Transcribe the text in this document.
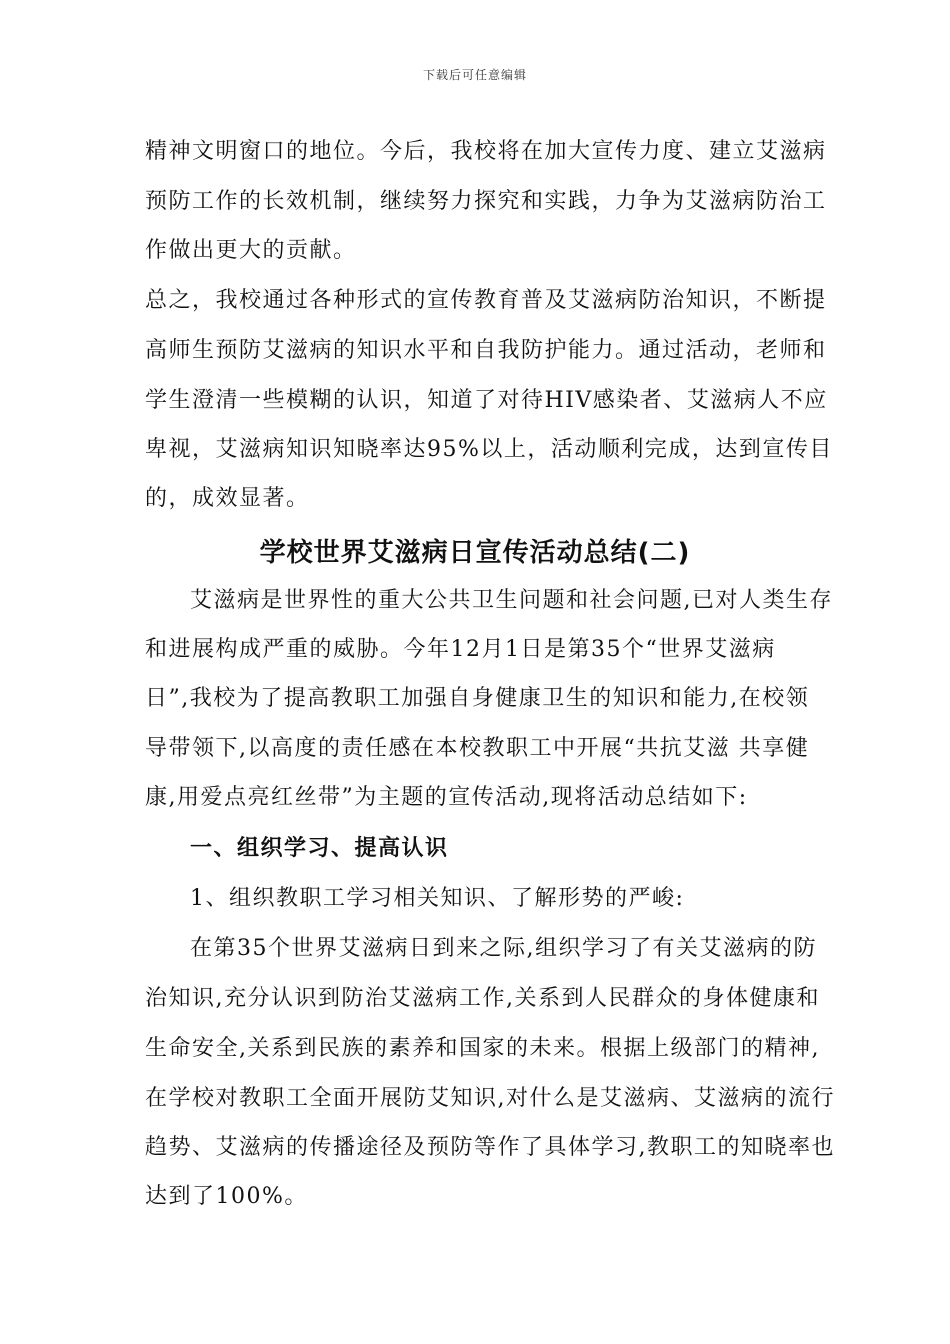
下载后可任意编辑
精神文明窗口的地位。今后，我校将在加大宣传力度、建立艾滋病
预防工作的长效机制，继续努力探究和实践，力争为艾滋病防治工
作做出更大的贡献。
总之，我校通过各种形式的宣传教育普及艾滋病防治知识，不断提
高师生预防艾滋病的知识水平和自我防护能力。通过活动，老师和
学生澄清一些模糊的认识，知道了对待HIV感染者、艾滋病人不应
卑视，艾滋病知识知晓率达95%以上，活动顺利完成，达到宣传目
的，成效显著。
学校世界艾滋病日宣传活动总结(二)
艾滋病是世界性的重大公共卫生问题和社会问题,已对人类生存
和进展构成严重的威胁。今年12月1日是第35个“世界艾滋病
日”,我校为了提高教职工加强自身健康卫生的知识和能力,在校领
导带领下,以高度的责任感在本校教职工中开展“共抗艾滋 共享健
康,用爱点亮红丝带”为主题的宣传活动,现将活动总结如下:
一、组织学习、提高认识
1、组织教职工学习相关知识、了解形势的严峻:
在第35个世界艾滋病日到来之际,组织学习了有关艾滋病的防
治知识,充分认识到防治艾滋病工作,关系到人民群众的身体健康和
生命安全,关系到民族的素养和国家的未来。根据上级部门的精神,
在学校对教职工全面开展防艾知识,对什么是艾滋病、艾滋病的流行
趋势、艾滋病的传播途径及预防等作了具体学习,教职工的知晓率也
达到了100%。
